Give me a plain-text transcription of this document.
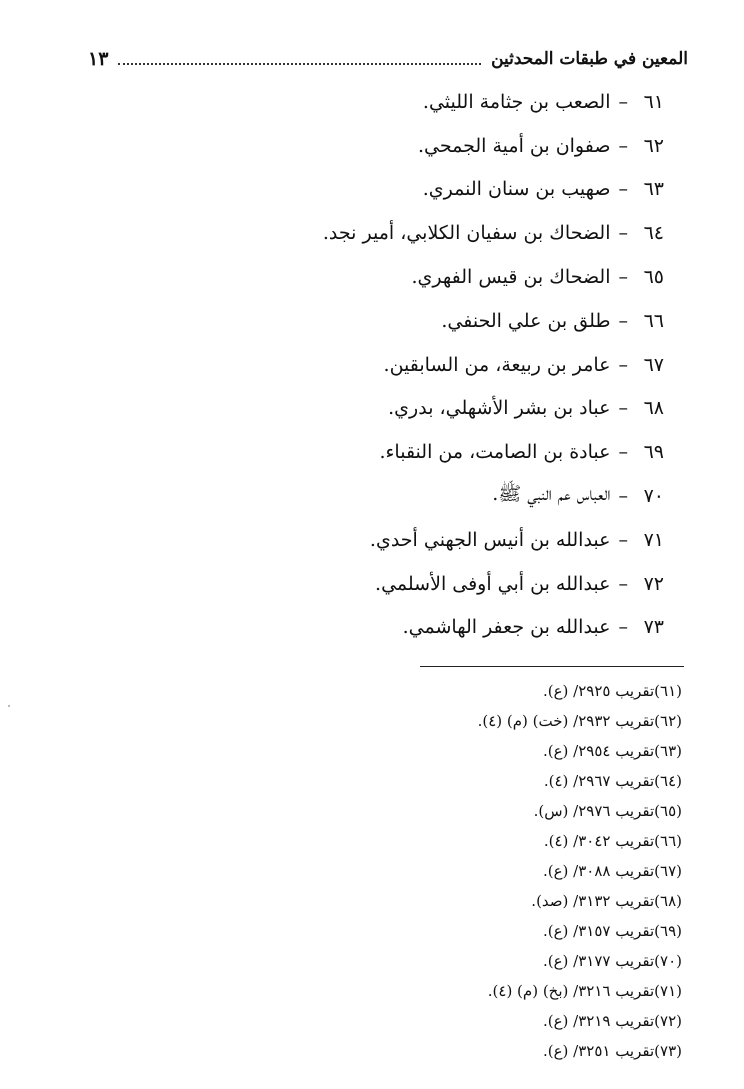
المعين في طبقات المحدثين
١٣
٦١
–
الصعب بن جثامة الليثي.
٦٢
–
صفوان بن أمية الجمحي.
٦٣
–
صهيب بن سنان النمري.
٦٤
–
الضحاك بن سفيان الكلابي، أمير نجد.
٦٥
–
الضحاك بن قيس الفهري.
٦٦
–
طلق بن علي الحنفي.
٦٧
–
عامر بن ربيعة، من السابقين.
٦٨
–
عباد بن بشر الأشهلي، بدري.
٦٩
–
عبادة بن الصامت، من النقباء.
٧٠
–
العباس عم النبي ﷺ.
٧١
–
عبدالله بن أنيس الجهني أحدي.
٧٢
–
عبدالله بن أبي أوفى الأسلمي.
٧٣
–
عبدالله بن جعفر الهاشمي.
(٦١)تقريب ٢٩٢٥/ (ع).
(٦٢)تقريب ٢٩٣٢/ (خت) (م) (٤).
(٦٣)تقريب ٢٩٥٤/ (ع).
(٦٤)تقريب ٢٩٦٧/ (٤).
(٦٥)تقريب ٢٩٧٦/ (س).
(٦٦)تقريب ٣٠٤٢/ (٤).
(٦٧)تقريب ٣٠٨٨/ (ع).
(٦٨)تقريب ٣١٣٢/ (صد).
(٦٩)تقريب ٣١٥٧/ (ع).
(٧٠)تقريب ٣١٧٧/ (ع).
(٧١)تقريب ٣٢١٦/ (بخ) (م) (٤).
(٧٢)تقريب ٣٢١٩/ (ع).
(٧٣)تقريب ٣٢٥١/ (ع).
